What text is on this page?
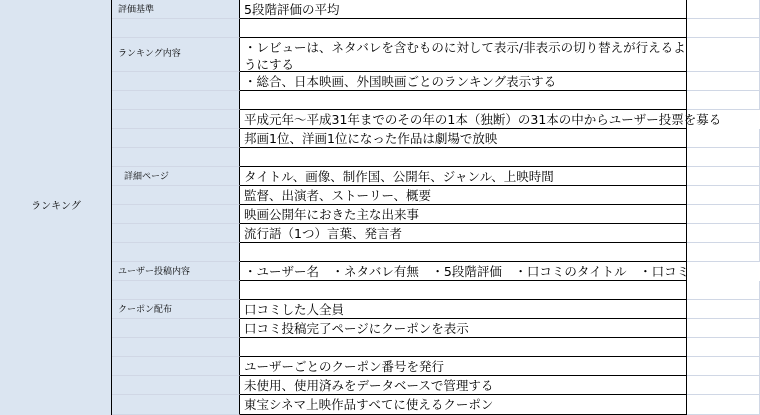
ランキング
評価基準	5段階評価の平均
ランキング内容	・レビューは、ネタバレを含むものに対して表示/非表示の切り替えが行えるようにする
・総合、日本映画、外国映画ごとのランキング表示する
平成元年～平成31年までのその年の1本（独断）の31本の中からユーザー投票を募る
邦画1位、洋画1位になった作品は劇場で放映
詳細ページ	タイトル、画像、制作国、公開年、ジャンル、上映時間
監督、出演者、ストーリー、概要
映画公開年におきた主な出来事
流行語（1つ）言葉、発言者
ユーザー投稿内容	・ユーザー名　・ネタバレ有無　・5段階評価　・口コミのタイトル　・口コミ
クーポン配布	口コミした人全員
口コミ投稿完了ページにクーポンを表示
ユーザーごとのクーポン番号を発行
未使用、使用済みをデータベースで管理する
東宝シネマ上映作品すべてに使えるクーポン
